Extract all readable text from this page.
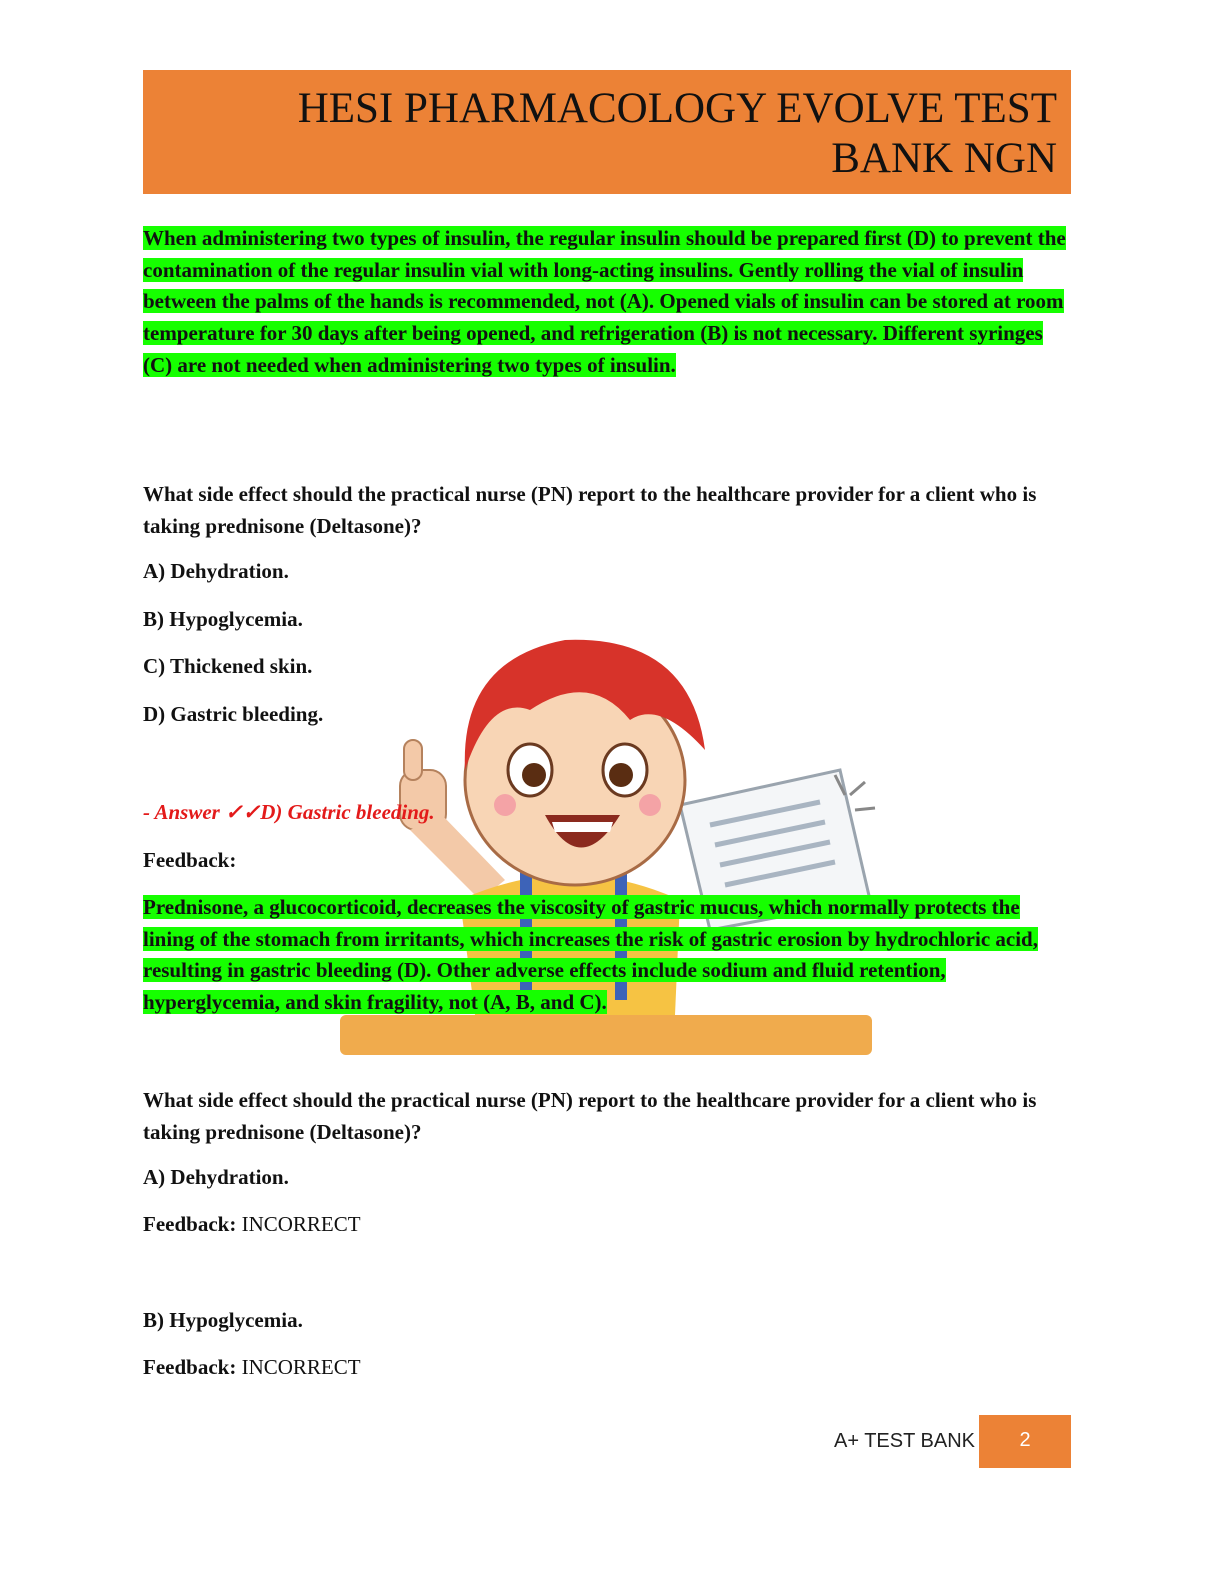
HESI PHARMACOLOGY EVOLVE TEST
BANK NGN

When administering two types of insulin, the regular insulin should be prepared first (D) to prevent the contamination of the regular insulin vial with long-acting insulins. Gently rolling the vial of insulin between the palms of the hands is recommended, not (A). Opened vials of insulin can be stored at room temperature for 30 days after being opened, and refrigeration (B) is not necessary. Different syringes (C) are not needed when administering two types of insulin.

What side effect should the practical nurse (PN) report to the healthcare provider for a client who is taking prednisone (Deltasone)?

A) Dehydration.

B) Hypoglycemia.

C) Thickened skin.

D) Gastric bleeding.

- Answer ✓✓D) Gastric bleeding.

Feedback:

Prednisone, a glucocorticoid, decreases the viscosity of gastric mucus, which normally protects the lining of the stomach from irritants, which increases the risk of gastric erosion by hydrochloric acid, resulting in gastric bleeding (D). Other adverse effects include sodium and fluid retention, hyperglycemia, and skin fragility, not (A, B, and C).

What side effect should the practical nurse (PN) report to the healthcare provider for a client who is taking prednisone (Deltasone)?

A) Dehydration.

Feedback: INCORRECT

B) Hypoglycemia.

Feedback: INCORRECT

A+ TEST BANK	2
